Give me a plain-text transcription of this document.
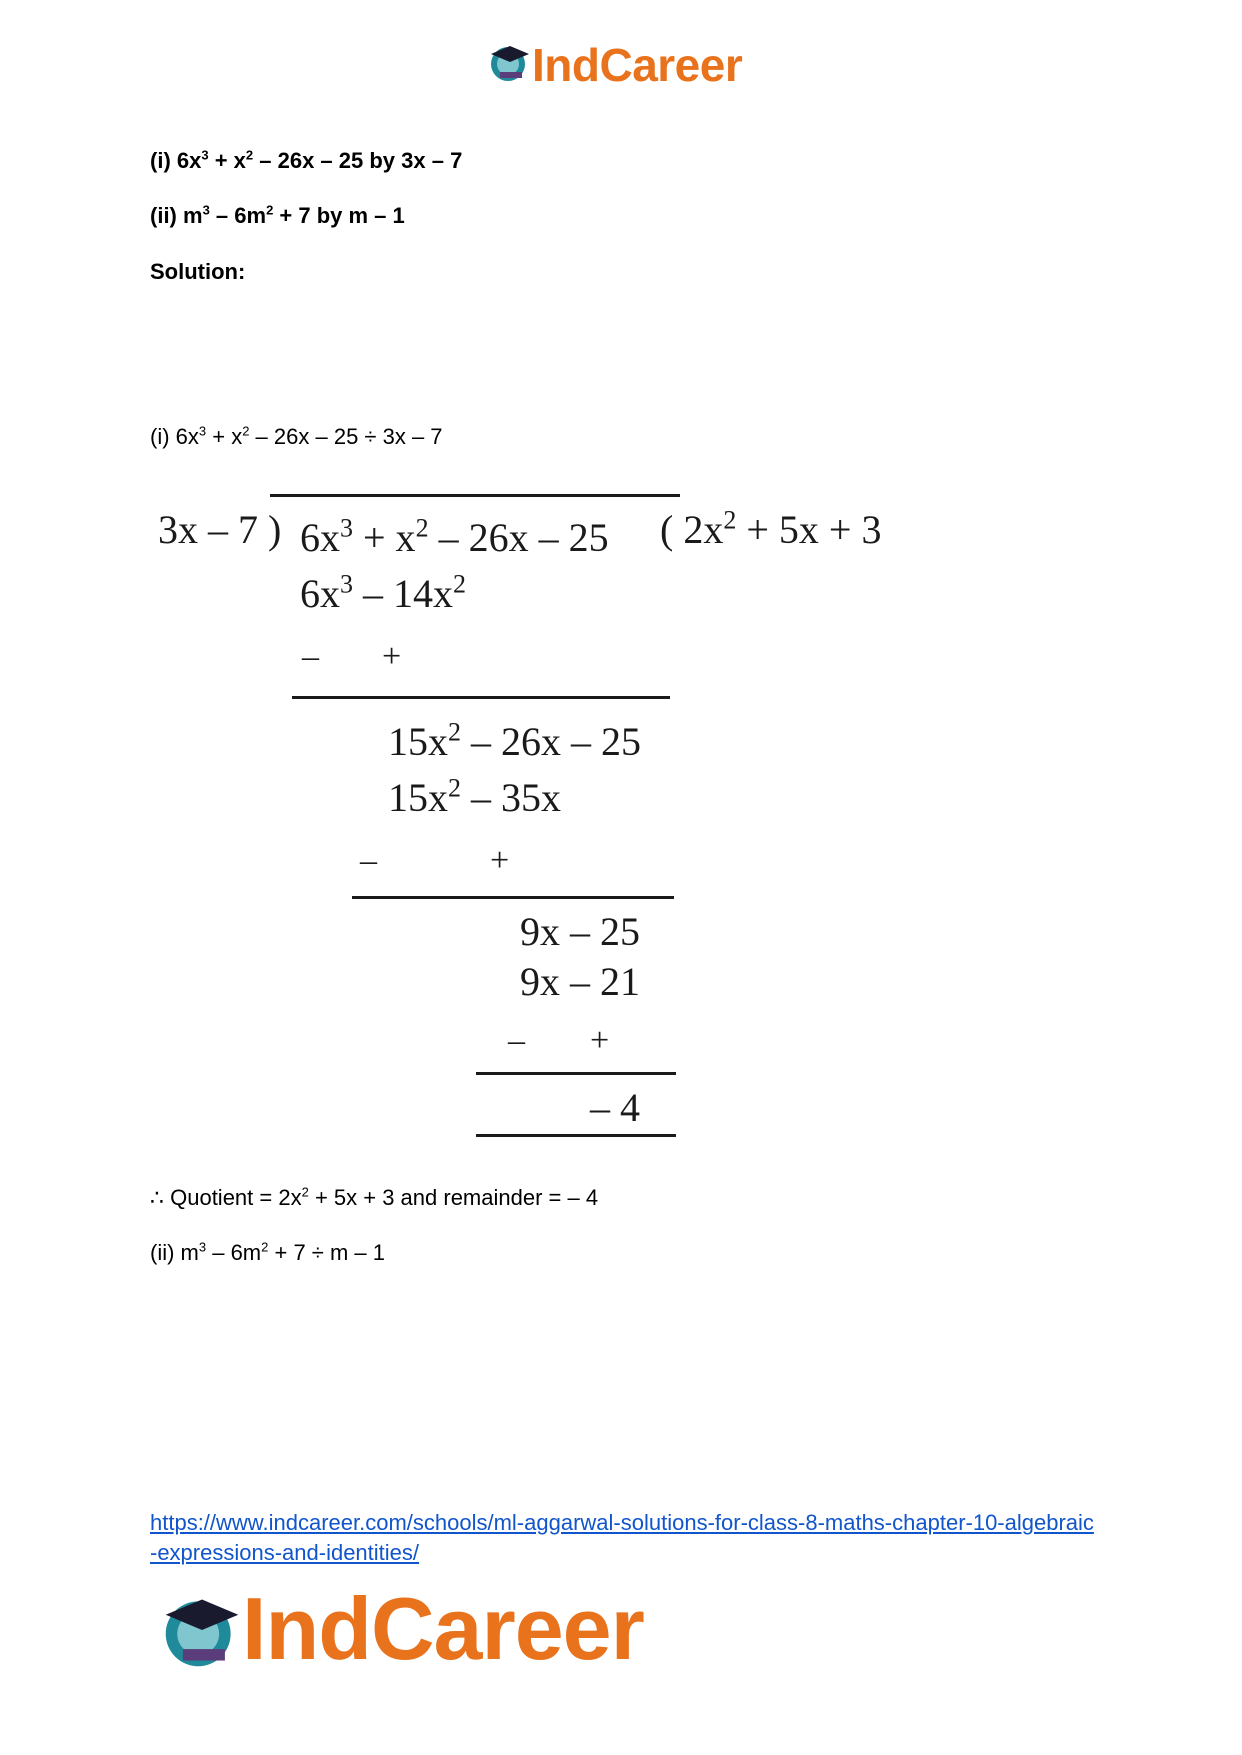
IndCareer
(i) $6x^3 + x^2 - 26x - 25$ by 3x – 7
(ii) $m^3 - 6m^2 + 7$ by m – 1
Solution:
(i) $6x^3 + x^2 - 26x - 25 \div 3x - 7$
3x – 7 ) $6x^3 + x^2 - 26x - 25$ ( $2x^2 + 5x + 3$
$6x^3 - 14x^2$
– +
$15x^2 - 26x - 25$
$15x^2 - 35x$
–	+
9x – 25
9x – 21
– +
– 4
∴ Quotient = $2x^2 + 5x + 3$ and remainder = – 4
(ii) $m^3 - 6m^2 + 7 \div m - 1$
https://www.indcareer.com/schools/ml-aggarwal-solutions-for-class-8-maths-chapter-10-algebraic-expressions-and-identities/
IndCareer
